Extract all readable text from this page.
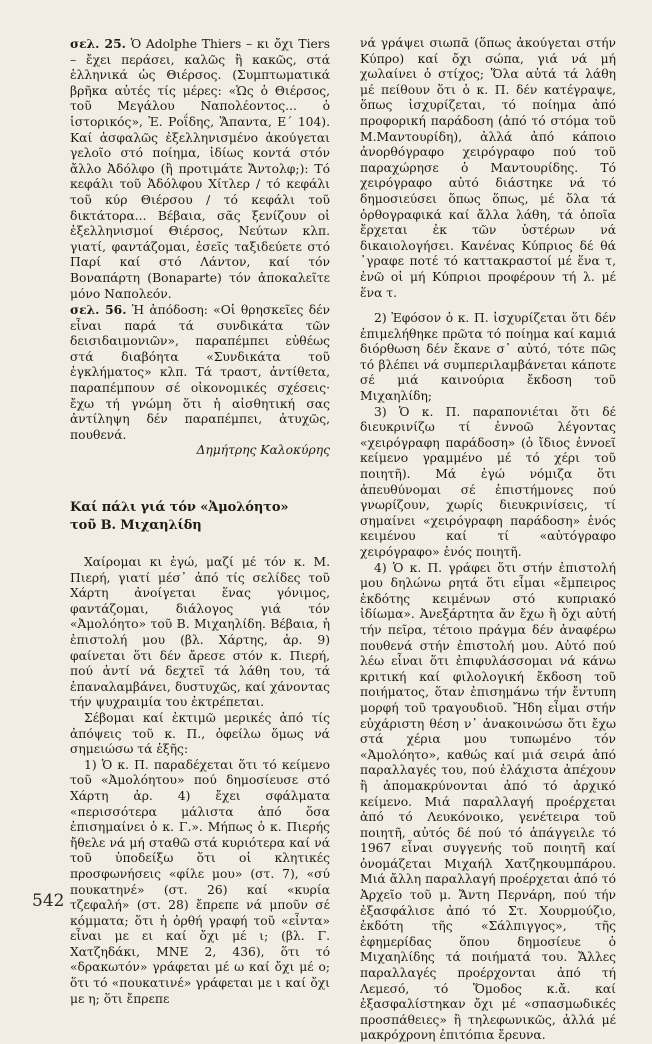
σελ. 25. Ὁ Adolphe Thiers – κι ὄχι Tiers – ἔχει περάσει, καλῶς ἢ κακῶς, στά ἑλληνικά ὡς Θιέρσος. (Συμπτωματικά βρῆκα αὐτές τίς μέρες: «Ὡς ὁ Θιέρσος, τοῦ Μεγάλου Ναπολέοντος... ὁ ἱστορικός», Ἐ. Ροΐδης, Ἅπαντα, Ε΄ 104). Καί ἀσφαλῶς ἐξελληνισμένο ἀκούγεται γελοῖο στό ποίημα, ἰδίως κοντά στόν ἄλλο Ἀδόλφο (ἢ προτιμάτε Ἄντολφ;): Τό κεφάλι τοῦ Ἀδόλφου Χίτλερ / τό κεφάλι τοῦ κύρ Θιέρσου / τό κεφάλι τοῦ δικτάτορα... Βέβαια, σᾶς ξενίζουν οἱ ἐξελληνισμοί Θιέρσος, Νεύτων κλπ. γιατί, φαντάζομαι, ἐσεῖς ταξιδεύετε στό Παρί καί στό Λάντον, καί τόν Βοναπάρτη (Bonaparte) τόν ἀποκαλεῖτε μόνο Ναπολεόν.

σελ. 56. Ἡ ἀπόδοση: «Οἱ θρησκεῖες δέν εἶναι παρά τά συνδικάτα τῶν δεισιδαιμονιῶν», παραπέμπει εὐθέως στά διαβόητα «Συνδικάτα τοῦ ἐγκλήματος» κλπ. Τά τραστ, ἀντίθετα, παραπέμπουν σέ οἰκονομικές σχέσεις· ἔχω τή γνώμη ὅτι ἡ αἰσθητική σας ἀντίληψη δέν παραπέμπει, ἀτυχῶς, πουθενά.

Δημήτρης Καλοκύρης

Καί πάλι γιά τόν «Ἀμολόητο»
τοῦ Β. Μιχαηλίδη

Χαίρομαι κι ἐγώ, μαζί μέ τόν κ. Μ. Πιερή, γιατί μέσ᾽ ἀπό τίς σελίδες τοῦ Χάρτη ἀνοίγεται ἕνας γόνιμος, φαντάζομαι, διάλογος γιά τόν «Ἀμολόητο» τοῦ Β. Μιχαηλίδη. Βέβαια, ἡ ἐπιστολή μου (βλ. Χάρτης, ἀρ. 9) φαίνεται ὅτι δέν ἄρεσε στόν κ. Πιερή, πού ἀντί νά δεχτεῖ τά λάθη του, τά ἐπαναλαμβάνει, δυστυχῶς, καί χάνοντας τήν ψυχραιμία του ἐκτρέπεται.

Σέβομαι καί ἐκτιμῶ μερικές ἀπό τίς ἀπόψεις τοῦ κ. Π., ὀφείλω ὅμως νά σημειώσω τά ἑξῆς:

1) Ὁ κ. Π. παραδέχεται ὅτι τό κείμενο τοῦ «Ἀμολόητου» πού δημοσίευσε στό Χάρτη ἀρ. 4) ἔχει σφάλματα «περισσότερα μάλιστα ἀπό ὅσα ἐπισημαίνει ὁ κ. Γ.». Μήπως ὁ κ. Πιερής ἤθελε νά μή σταθῶ στά κυριότερα καί νά τοῦ ὑποδείξω ὅτι οἱ κλητικές προσφωνήσεις «φίλε μου» (στ. 7), «σύ πουκατηνέ» (στ. 26) καί «κυρία τζεφαλή» (στ. 28) ἔπρεπε νά μποῦν σέ κόμματα; ὅτι ἡ ὀρθή γραφή τοῦ «εἶντα» εἶναι με ει καί ὄχι μέ ι; (βλ. Γ. Χατζηδάκι, ΜΝΕ 2, 436), ὅτι τό «δρακωτόν» γράφεται μέ ω καί ὄχι μέ ο; ὅτι τό «πουκατινέ» γράφεται με ι καί ὄχι με η; ὅτι ἔπρεπε

νά γράψει σιωπᾶ (ὅπως ἀκούγεται στήν Κύπρο) καί ὄχι σώπα, γιά νά μή χωλαίνει ὁ στίχος; Ὅλα αὐτά τά λάθη μέ πείθουν ὅτι ὁ κ. Π. δέν κατέγραψε, ὅπως ἰσχυρίζεται, τό ποίημα ἀπό προφορική παράδοση (ἀπό τό στόμα τοῦ Μ.Μαντουρίδη), ἀλλά ἀπό κάποιο ἀνορθόγραφο χειρόγραφο πού τοῦ παραχώρησε ὁ Μαντουρίδης. Τό χειρόγραφο αὐτό διάστηκε νά τό δημοσιεύσει ὅπως ὅπως, μέ ὅλα τά ὀρθογραφικά καί ἄλλα λάθη, τά ὁποῖα ἔρχεται ἐκ τῶν ὑστέρων νά δικαιολογήσει. Κανένας Κύπριος δέ θά ᾽γραφε ποτέ τό καττακραστοί μέ ἕνα τ, ἐνῶ οἱ μή Κύπριοι προφέρουν τή λ. μέ ἕνα τ.

2) Ἐφόσον ὁ κ. Π. ἰσχυρίζεται ὅτι δέν ἐπιμελήθηκε πρῶτα τό ποίημα καί καμιά διόρθωση δέν ἔκανε σ᾽ αὐτό, τότε πῶς τό βλέπει νά συμπεριλαμβάνεται κάποτε σέ μιά καινούρια ἔκδοση τοῦ Μιχαηλίδη;

3) Ὁ κ. Π. παραπονιέται ὅτι δέ διευκρινίζω τί ἐννοῶ λέγοντας «χειρόγραφη παράδοση» (ὁ ἴδιος ἐννοεῖ κείμενο γραμμένο μέ τό χέρι τοῦ ποιητῆ). Μά ἐγώ νόμιζα ὅτι ἀπευθύνομαι σέ ἐπιστήμονες πού γνωρίζουν, χωρίς διευκρινίσεις, τί σημαίνει «χειρόγραφη παράδοση» ἑνός κειμένου καί τί «αὐτόγραφο χειρόγραφο» ἑνός ποιητῆ.

4) Ὁ κ. Π. γράφει ὅτι στήν ἐπιστολή μου δηλώνω ρητά ὅτι εἶμαι «ἔμπειρος ἐκδότης κειμένων στό κυπριακό ἰδίωμα». Ἀνεξάρτητα ἄν ἔχω ἢ ὄχι αὐτή τήν πεῖρα, τέτοιο πράγμα δέν ἀναφέρω πουθενά στήν ἐπιστολή μου. Αὐτό πού λέω εἶναι ὅτι ἐπιφυλάσσομαι νά κάνω κριτική καί φιλολογική ἔκδοση τοῦ ποιήματος, ὅταν ἐπισημάνω τήν ἔντυπη μορφή τοῦ τραγουδιοῦ. Ἤδη εἶμαι στήν εὐχάριστη θέση ν᾽ ἀνακοινώσω ὅτι ἔχω στά χέρια μου τυπωμένο τόν «Ἀμολόητο», καθώς καί μιά σειρά ἀπό παραλλαγές του, πού ἐλάχιστα ἀπέχουν ἢ ἀπομακρύνονται ἀπό τό ἀρχικό κείμενο. Μιά παραλλαγή προέρχεται ἀπό τό Λευκόνοικο, γενέτειρα τοῦ ποιητῆ, αὐτός δέ πού τό ἀπάγγειλε τό 1967 εἶναι συγγενής τοῦ ποιητῆ καί ὀνομάζεται Μιχαήλ Χατζηκουμπάρου. Μιά ἄλλη παραλλαγή προέρχεται ἀπό τό Ἀρχεῖο τοῦ μ. Ἄντη Περνάρη, πού τήν ἐξασφάλισε ἀπό τό Στ. Χουρμούζιο, ἐκδότη τῆς «Σάλπιγγος», τῆς ἐφημερίδας ὅπου δημοσίευε ὁ Μιχαηλίδης τά ποιήματά του. Ἄλλες παραλλαγές προέρχονται ἀπό τή Λεμεσό, τό Ὅμοδος κ.ἄ. καί ἐξασφαλίστηκαν ὄχι μέ «σπασμωδικές προσπάθειες» ἢ τηλεφωνικῶς, ἀλλά μέ μακρόχρονη ἐπιτόπια ἔρευνα.

542
